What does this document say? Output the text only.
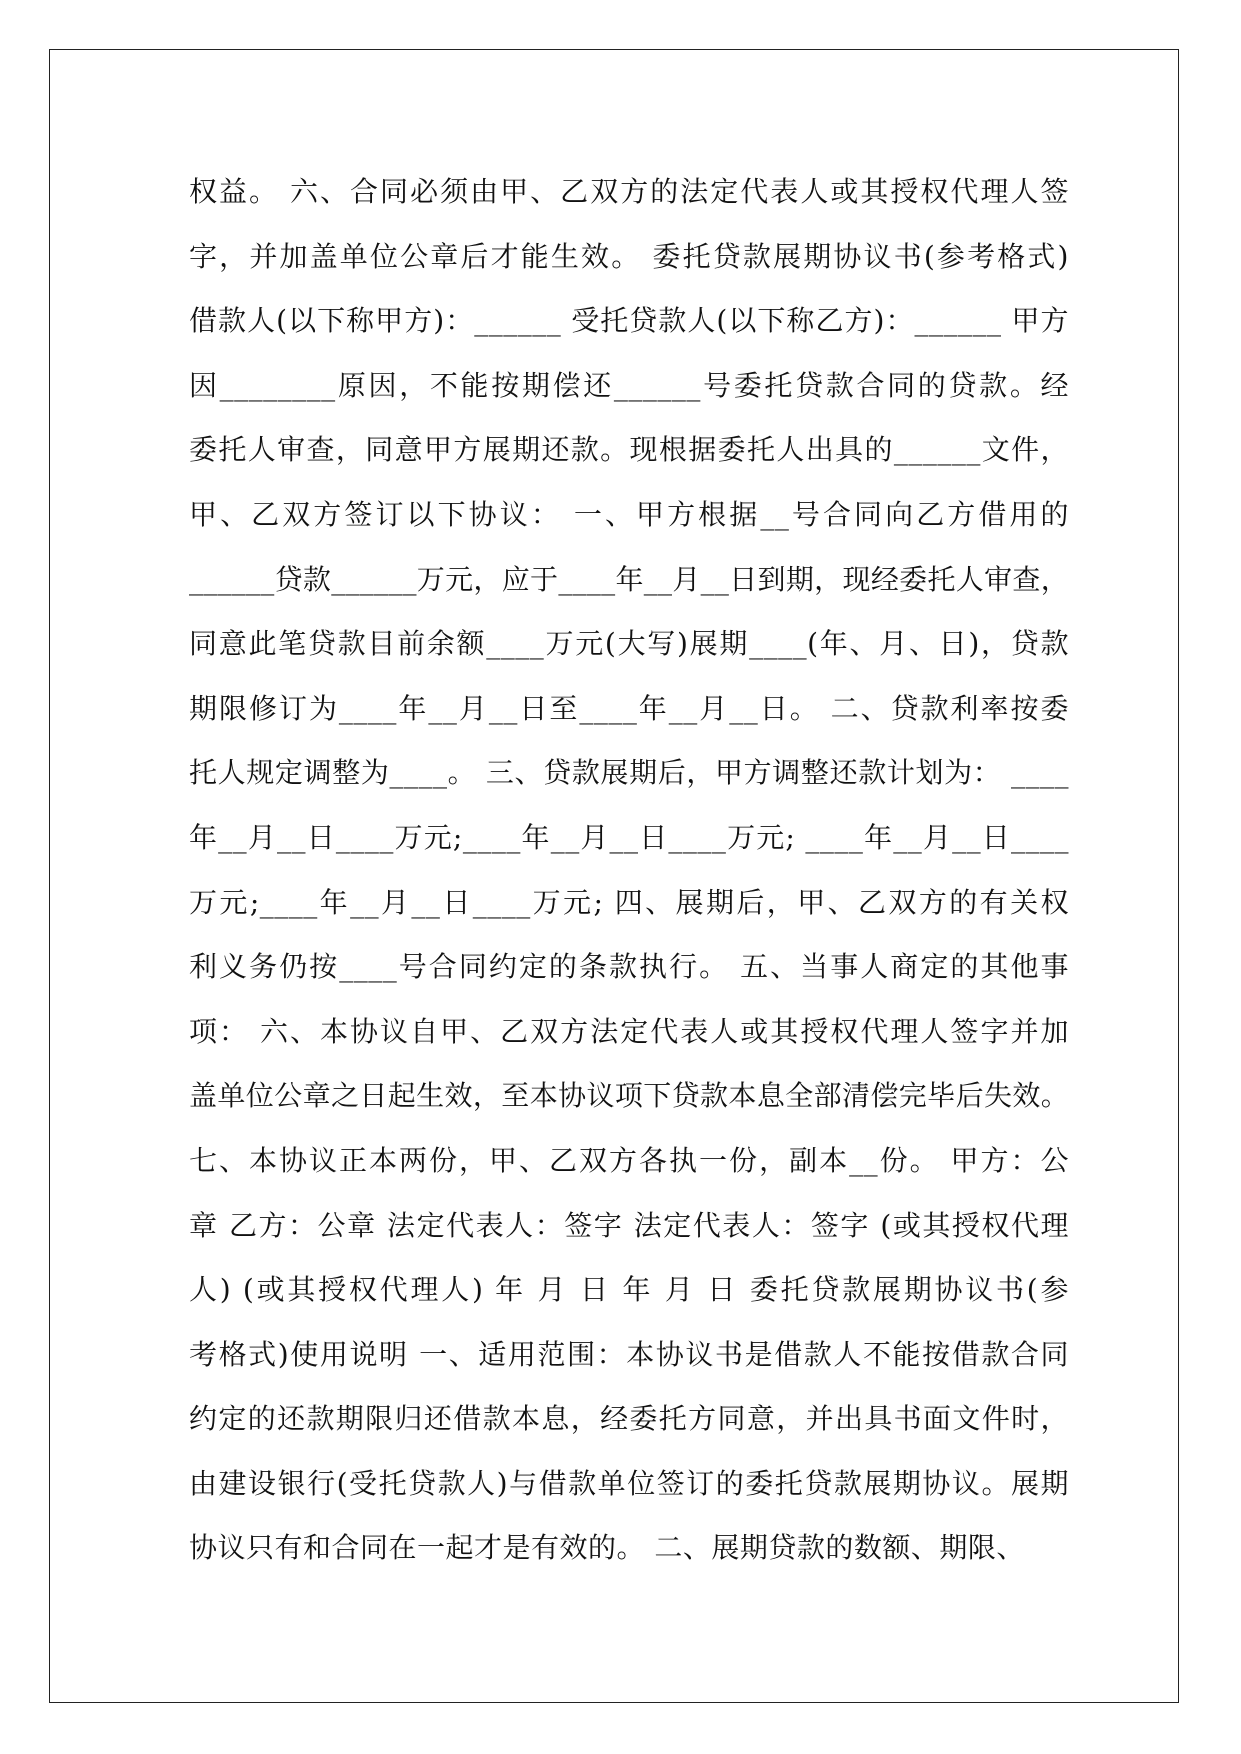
权益。 六、合同必须由甲、乙双方的法定代表人或其授权代理人签
字，并加盖单位公章后才能生效。 委托贷款展期协议书(参考格式)
借款人(以下称甲方)：______ 受托贷款人(以下称乙方)：______ 甲方
因________原因，不能按期偿还______号委托贷款合同的贷款。经
委托人审查，同意甲方展期还款。现根据委托人出具的______文件，
甲、乙双方签订以下协议： 一、甲方根据__号合同向乙方借用的
______贷款______万元，应于____年__月__日到期，现经委托人审查，
同意此笔贷款目前余额____万元(大写)展期____(年、月、日)，贷款
期限修订为____年__月__日至____年__月__日。 二、贷款利率按委
托人规定调整为____。 三、贷款展期后，甲方调整还款计划为： ____
年__月__日____万元;____年__月__日____万元; ____年__月__日____
万元;____年__月__日____万元; 四、展期后，甲、乙双方的有关权
利义务仍按____号合同约定的条款执行。 五、当事人商定的其他事
项： 六、本协议自甲、乙双方法定代表人或其授权代理人签字并加
盖单位公章之日起生效，至本协议项下贷款本息全部清偿完毕后失效。
七、本协议正本两份，甲、乙双方各执一份，副本__份。 甲方：公
章 乙方：公章 法定代表人：签字 法定代表人：签字 (或其授权代理
人) (或其授权代理人) 年 月 日 年 月 日 委托贷款展期协议书(参
考格式)使用说明 一、适用范围：本协议书是借款人不能按借款合同
约定的还款期限归还借款本息，经委托方同意，并出具书面文件时，
由建设银行(受托贷款人)与借款单位签订的委托贷款展期协议。展期
协议只有和合同在一起才是有效的。 二、展期贷款的数额、期限、
